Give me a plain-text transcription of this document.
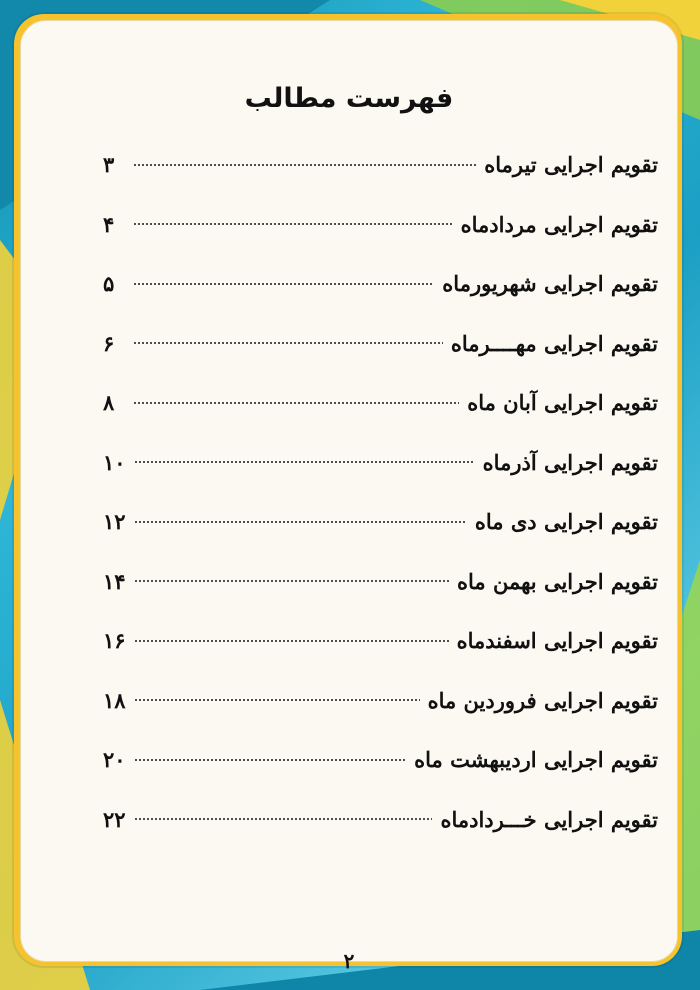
فهرست مطالب
تقویم اجرایی تیرماه
۳
تقویم اجرایی مردادماه
۴
تقویم اجرایی شهریورماه
۵
تقویم اجرایی مهــــرماه
۶
تقویم اجرایی آبان ماه
۸
تقویم اجرایی آذرماه
۱۰
تقویم اجرایی دی ماه
۱۲
تقویم اجرایی بهمن ماه
۱۴
تقویم اجرایی اسفندماه
۱۶
تقویم اجرایی فروردین ماه
۱۸
تقویم اجرایی اردیبهشت ماه
۲۰
تقویم اجرایی خـــردادماه
۲۲
۲
